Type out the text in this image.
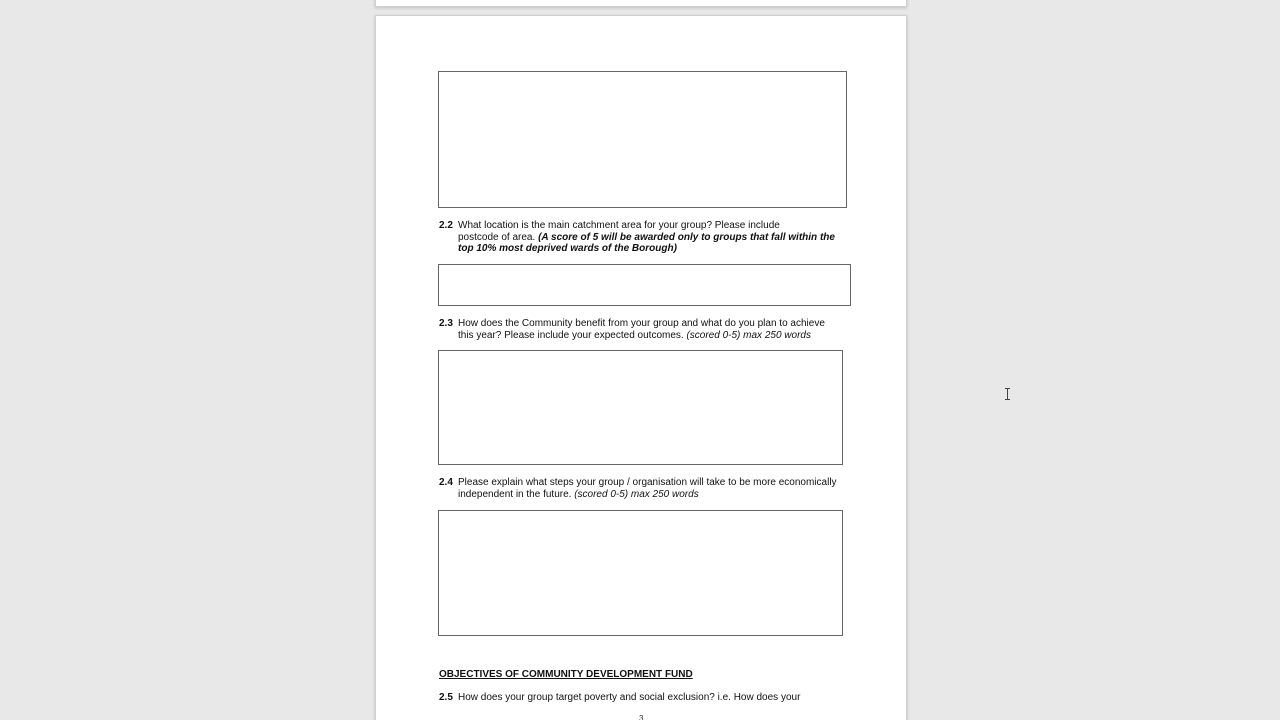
2.2 What location is the main catchment area for your group? Please include
postcode of area. (A score of 5 will be awarded only to groups that fall within the
top 10% most deprived wards of the Borough)
2.3 How does the Community benefit from your group and what do you plan to achieve
this year? Please include your expected outcomes. (scored 0-5) max 250 words
2.4 Please explain what steps your group / organisation will take to be more economically
independent in the future. (scored 0-5) max 250 words
OBJECTIVES OF COMMUNITY DEVELOPMENT FUND
2.5 How does your group target poverty and social exclusion? i.e. How does your
3
